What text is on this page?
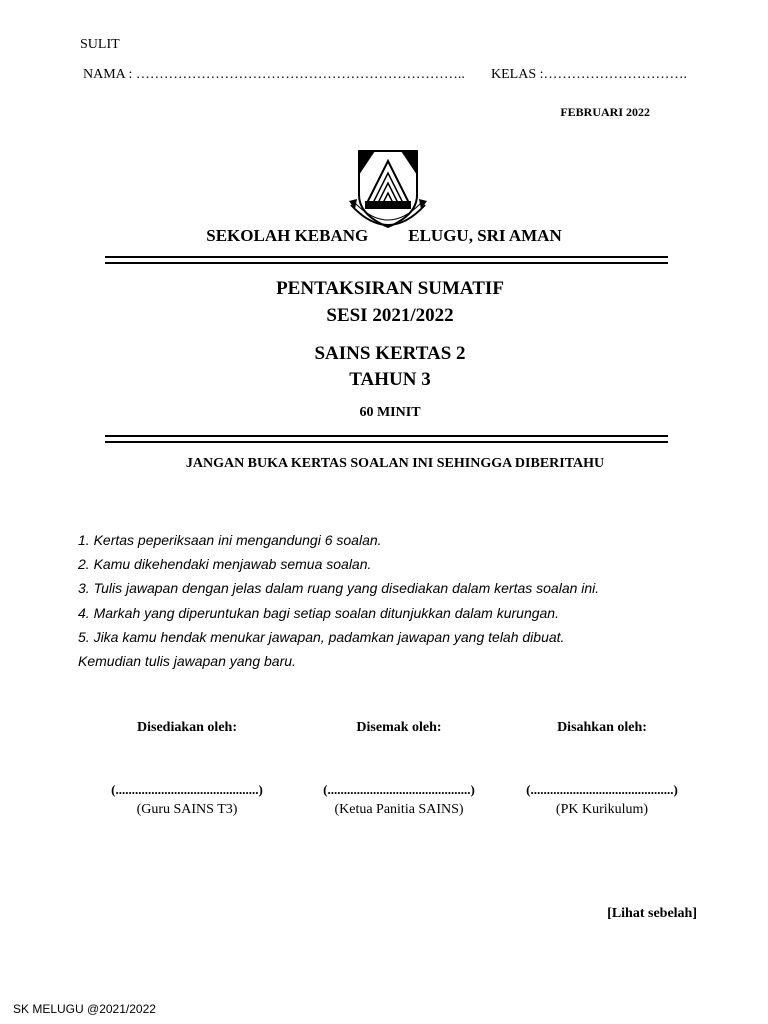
SULIT
NAMA : …………………………………………………………….. KELAS :………………………….
FEBRUARI 2022
SEKOLAH KEBANG ELUGU, SRI AMAN
PENTAKSIRAN SUMATIF
SESI 2021/2022
SAINS KERTAS 2
TAHUN 3
60 MINIT
JANGAN BUKA KERTAS SOALAN INI SEHINGGA DIBERITAHU
1. Kertas peperiksaan ini mengandungi 6 soalan.
2. Kamu dikehendaki menjawab semua soalan.
3. Tulis jawapan dengan jelas dalam ruang yang disediakan dalam kertas soalan ini.
4. Markah yang diperuntukan bagi setiap soalan ditunjukkan dalam kurungan.
5. Jika kamu hendak menukar jawapan, padamkan jawapan yang telah dibuat.
Kemudian tulis jawapan yang baru.
Disediakan oleh:	Disemak oleh:	Disahkan oleh:
(............................................)	(............................................)	(............................................)
(Guru SAINS T3)	(Ketua Panitia SAINS)	(PK Kurikulum)
[Lihat sebelah]
SK MELUGU @2021/2022
